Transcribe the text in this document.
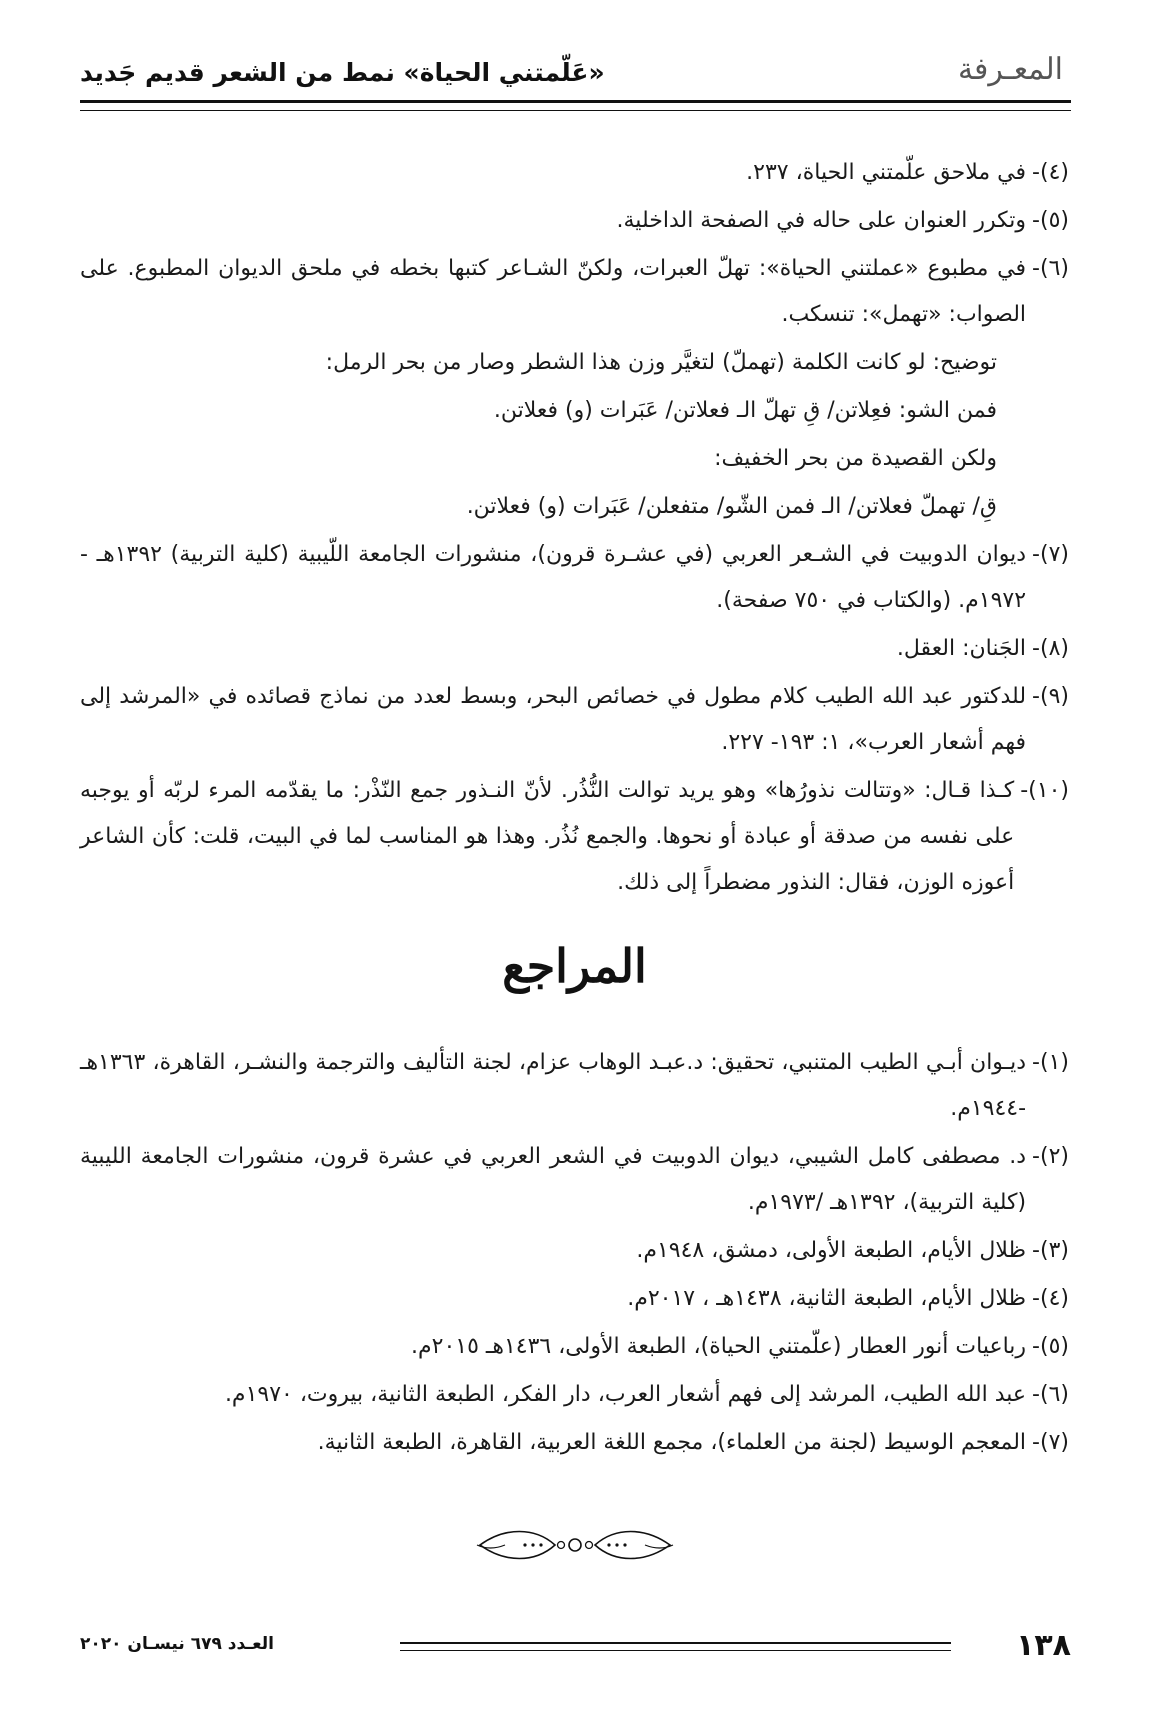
المعـرفة
«عَلّمتني الحياة» نمط من الشعر قديم جَديد
(٤)-
في ملاحق علّمتني الحياة، ٢٣٧.
(٥)-
وتكرر العنوان على حاله في الصفحة الداخلية.
(٦)-
في مطبوع «عملتني الحياة»: تهلّ العبرات، ولكنّ الشـاعر كتبها بخطه في ملحق الديوان المطبوع. على الصواب: «تهمل»: تنسكب.
توضيح: لو كانت الكلمة (تهملّ) لتغيَّر وزن هذا الشطر وصار من بحر الرمل:
فمن الشو: فعِلاتن/ قِ تهلّ الـ فعلاتن/ عَبَرات (و) فعلاتن.
ولكن القصيدة من بحر الخفيف:
قِ/ تهملّ فعلاتن/ الـ فمن الشّو/ متفعلن/ عَبَرات (و) فعلاتن.
(٧)-
ديوان الدوبيت في الشـعر العربي (في عشـرة قرون)، منشورات الجامعة اللّيبية (كلية التربية) ١٣٩٢هـ - ١٩٧٢م. (والكتاب في ٧٥٠ صفحة).
(٨)-
الجَنان: العقل.
(٩)-
للدكتور عبد الله الطيب كلام مطول في خصائص البحر، وبسط لعدد من نماذج قصائده في «المرشد إلى فهم أشعار العرب»، ١: ١٩٣- ٢٢٧.
(١٠)-
كـذا قـال: «وتتالت نذورُها» وهو يريد توالت النُّذُر. لأنّ النـذور جمع النّذْر: ما يقدّمه المرء لربّه أو يوجبه على نفسه من صدقة أو عبادة أو نحوها. والجمع نُذُر. وهذا هو المناسب لما في البيت، قلت: كأن الشاعر أعوزه الوزن، فقال: النذور مضطراً إلى ذلك.
المراجع
(١)-
ديـوان أبـي الطيب المتنبي، تحقيق: د.عبـد الوهاب عزام، لجنة التأليف والترجمة والنشـر، القاهرة، ١٣٦٣هـ -١٩٤٤م.
(٢)-
د. مصطفى كامل الشيبي، ديوان الدوبيت في الشعر العربي في عشرة قرون، منشورات الجامعة الليبية (كلية التربية)، ١٣٩٢هـ /١٩٧٣م.
(٣)-
ظلال الأيام، الطبعة الأولى، دمشق، ١٩٤٨م.
(٤)-
ظلال الأيام، الطبعة الثانية، ١٤٣٨هـ ، ٢٠١٧م.
(٥)-
رباعيات أنور العطار (علّمتني الحياة)، الطبعة الأولى، ١٤٣٦هـ ٢٠١٥م.
(٦)-
عبد الله الطيب، المرشد إلى فهم أشعار العرب، دار الفكر، الطبعة الثانية، بيروت، ١٩٧٠م.
(٧)-
المعجم الوسيط (لجنة من العلماء)، مجمع اللغة العربية، القاهرة، الطبعة الثانية.
١٣٨
العـدد ٦٧٩ نيسـان ٢٠٢٠
